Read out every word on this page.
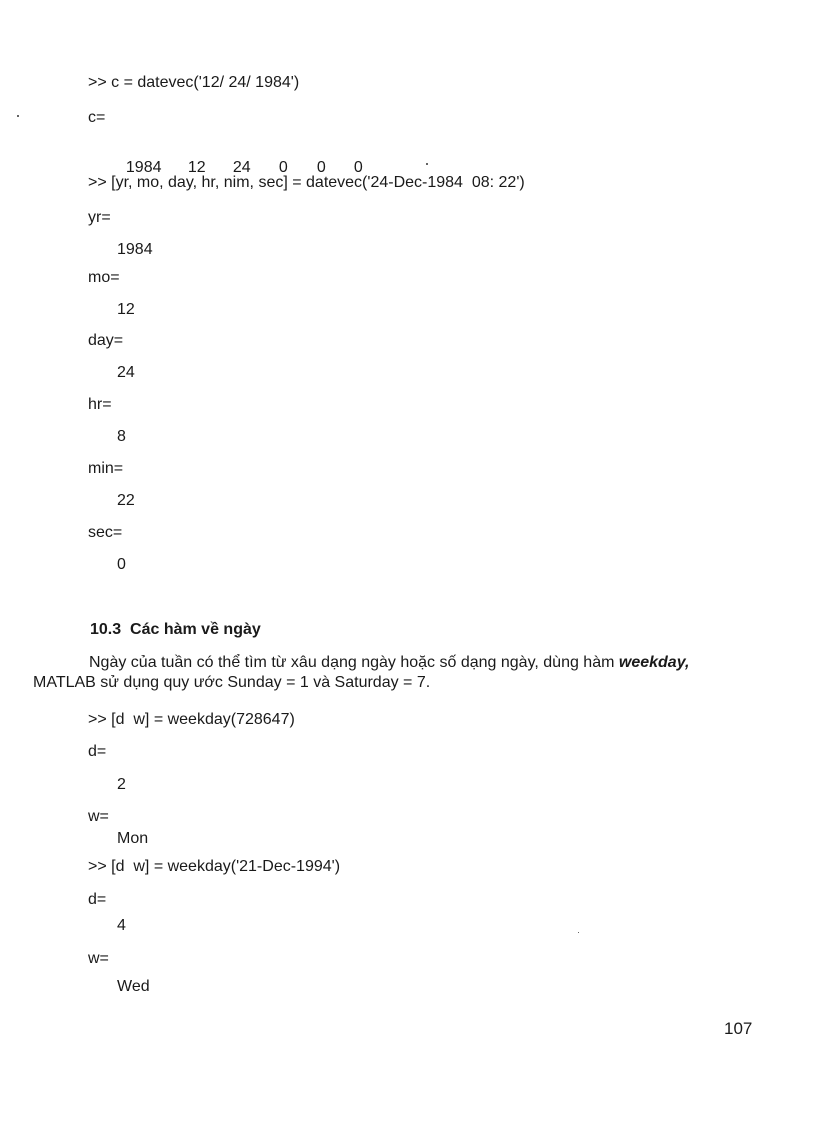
>> c = datevec('12/ 24/ 1984')
c=

1984 12 24 0 0 0

>> [yr, mo, day, hr, nim, sec] = datevec('24-Dec-1984  08: 22')
yr=
1984
mo=
12
day=
24
hr=
8
min=
22
sec=
0
10.3  Các hàm về ngày
Ngày của tuần có thể tìm từ xâu dạng ngày hoặc số dạng ngày, dùng hàm weekday,
MATLAB sử dụng quy ước Sunday = 1 và Saturday = 7.
>> [d  w] = weekday(728647)
d=
2
w=
Mon
>> [d  w] = weekday('21-Dec-1994')
d=
4
w=
Wed
107
